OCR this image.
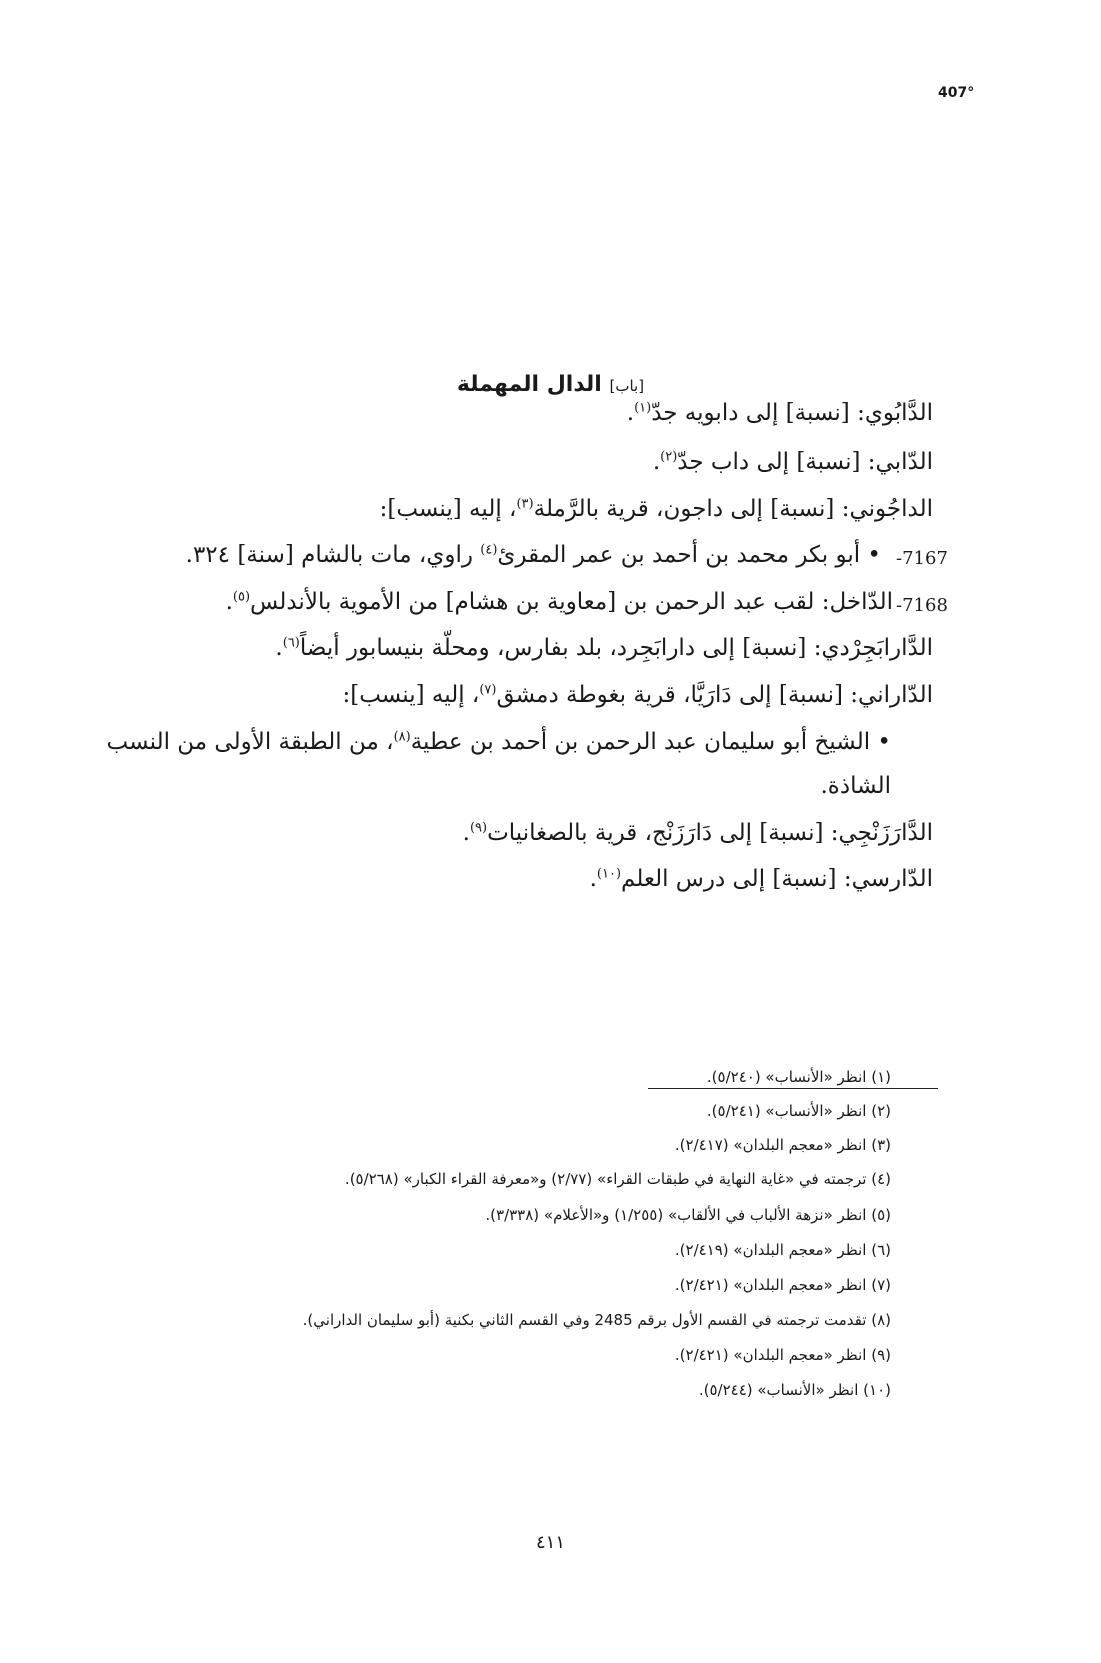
407°
[باب] الدال المهملة
الدَّابُوي: [نسبة] إلى دابويه جدّ$^{(١)}$.
الدّابي: [نسبة] إلى داب جدّ$^{(٢)}$.
الداجُوني: [نسبة] إلى داجون، قرية بالرَّملة$^{(٣)}$، إليه [ينسب]:
-7167
• أبو بكر محمد بن أحمد بن عمر المقرئ$^{(٤)}$ راوي، مات بالشام [سنة] ٣٢٤.
-7168
الدّاخل: لقب عبد الرحمن بن [معاوية بن هشام] من الأموية بالأندلس$^{(٥)}$.
الدَّارابَجِرْدي: [نسبة] إلى دارابَجِرد، بلد بفارس، ومحلّة بنيسابور أيضاً$^{(٦)}$.
الدّاراني: [نسبة] إلى دَارَيَّا، قرية بغوطة دمشق$^{(٧)}$، إليه [ينسب]:
• الشيخ أبو سليمان عبد الرحمن بن أحمد بن عطية$^{(٨)}$، من الطبقة الأولى من النسب
الشاذة.
الدَّارَزَنْجِي: [نسبة] إلى دَارَزَنْج، قرية بالصغانيات$^{(٩)}$.
الدّارسي: [نسبة] إلى درس العلم$^{(١٠)}$.
(١) انظر «الأنساب» (٥/٢٤٠).
(٢) انظر «الأنساب» (٥/٢٤١).
(٣) انظر «معجم البلدان» (٢/٤١٧).
(٤) ترجمته في «غاية النهاية في طبقات القراء» (٢/٧٧) و«معرفة القراء الكبار» (٥/٢٦٨).
(٥) انظر «نزهة الألباب في الألقاب» (١/٢٥٥) و«الأعلام» (٣/٣٣٨).
(٦) انظر «معجم البلدان» (٢/٤١٩).
(٧) انظر «معجم البلدان» (٢/٤٢١).
(٨) تقدمت ترجمته في القسم الأول برقم 2485 وفي القسم الثاني بكنية (أبو سليمان الداراني).
(٩) انظر «معجم البلدان» (٢/٤٢١).
(١٠) انظر «الأنساب» (٥/٢٤٤).
٤١١
